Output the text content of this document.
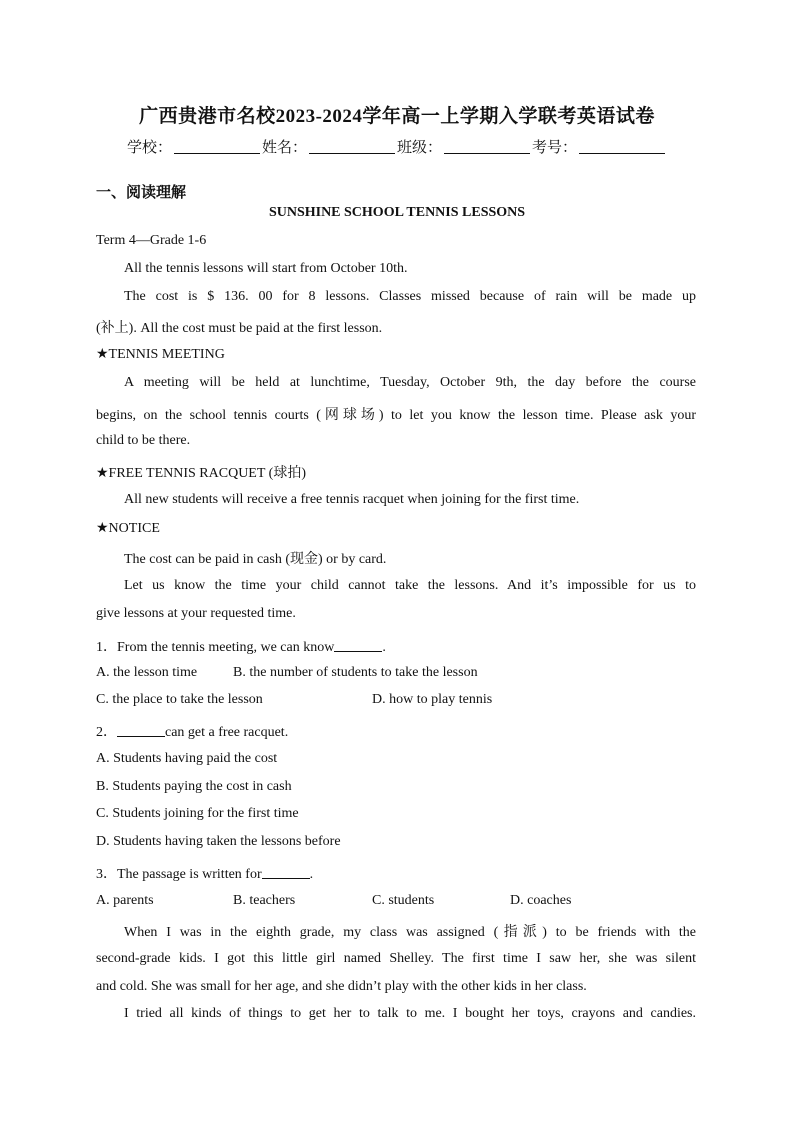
广西贵港市名校2023-2024学年高一上学期入学联考英语试卷
学校：	姓名：	班级：	考号：
一、阅读理解
SUNSHINE SCHOOL TENNIS LESSONS
Term 4—Grade 1-6
All the tennis lessons will start from October 10th.
The cost is $ 136. 00 for 8 lessons. Classes missed because of rain will be made up
(补上). All the cost must be paid at the first lesson.
★TENNIS MEETING
A meeting will be held at lunchtime, Tuesday, October 9th, the day before the course
begins, on the school tennis courts (网球场) to let you know the lesson time. Please ask your
child to be there.
★FREE TENNIS RACQUET (球拍)
All new students will receive a free tennis racquet when joining for the first time.
★NOTICE
The cost can be paid in cash (现金) or by card.
Let us know the time your child cannot take the lessons. And it’s impossible for us to
give lessons at your requested time.
1．From the tennis meeting, we can know	.
A. the lesson time	B. the number of students to take the lesson
C. the place to take the lesson	D. how to play tennis
2．	can get a free racquet.
A. Students having paid the cost
B. Students paying the cost in cash
C. Students joining for the first time
D. Students having taken the lessons before
3．The passage is written for	.
A. parents	B. teachers	C. students	D. coaches
When I was in the eighth grade, my class was assigned (指派) to be friends with the
second-grade kids. I got this little girl named Shelley. The first time I saw her, she was silent
and cold. She was small for her age, and she didn’t play with the other kids in her class.
I tried all kinds of things to get her to talk to me. I bought her toys, crayons and candies.
